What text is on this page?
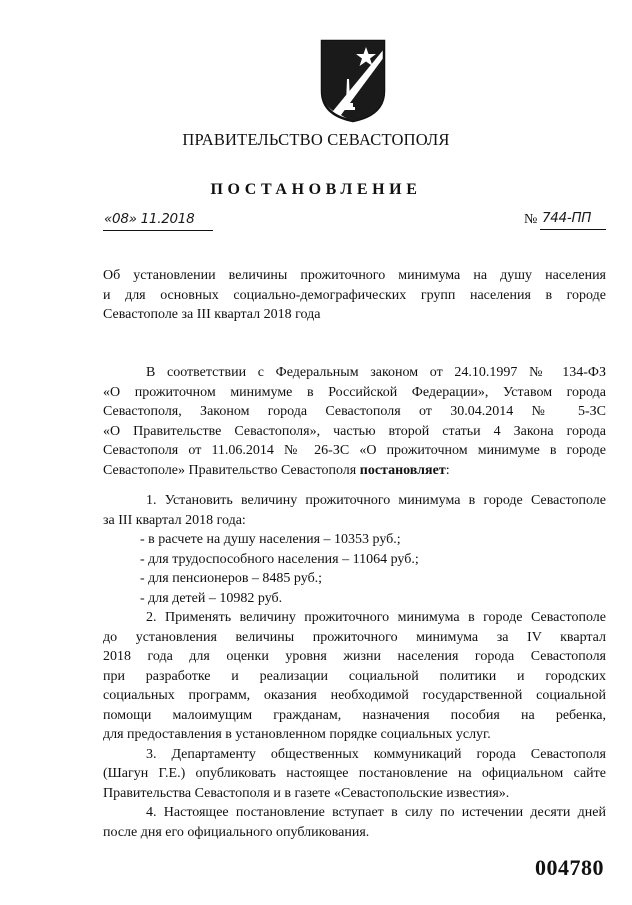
ПРАВИТЕЛЬСТВО СЕВАСТОПОЛЯ
ПОСТАНОВЛЕНИЕ
«08» 11.2018	№ 744-ПП
Об установлении величины прожиточного минимума на душу населения
и для основных социально-демографических групп населения в городе
Севастополе за III квартал 2018 года
В соответствии с Федеральным законом от 24.10.1997 № 134-ФЗ
«О прожиточном минимуме в Российской Федерации», Уставом города
Севастополя, Законом города Севастополя от 30.04.2014 № 5-ЗС
«О Правительстве Севастополя», частью второй статьи 4 Закона города
Севастополя от 11.06.2014 № 26-ЗС «О прожиточном минимуме в городе
Севастополе» Правительство Севастополя постановляет:
1. Установить величину прожиточного минимума в городе Севастополе
за III квартал 2018 года:
- в расчете на душу населения – 10353 руб.;
- для трудоспособного населения – 11064 руб.;
- для пенсионеров – 8485 руб.;
- для детей – 10982 руб.
2. Применять величину прожиточного минимума в городе Севастополе
до установления величины прожиточного минимума за IV квартал
2018 года для оценки уровня жизни населения города Севастополя
при разработке и реализации социальной политики и городских
социальных программ, оказания необходимой государственной социальной
помощи малоимущим гражданам, назначения пособия на ребенка,
для предоставления в установленном порядке социальных услуг.
3. Департаменту общественных коммуникаций города Севастополя
(Шагун Г.Е.) опубликовать настоящее постановление на официальном сайте
Правительства Севастополя и в газете «Севастопольские известия».
4. Настоящее постановление вступает в силу по истечении десяти дней
после дня его официального опубликования.
004780
